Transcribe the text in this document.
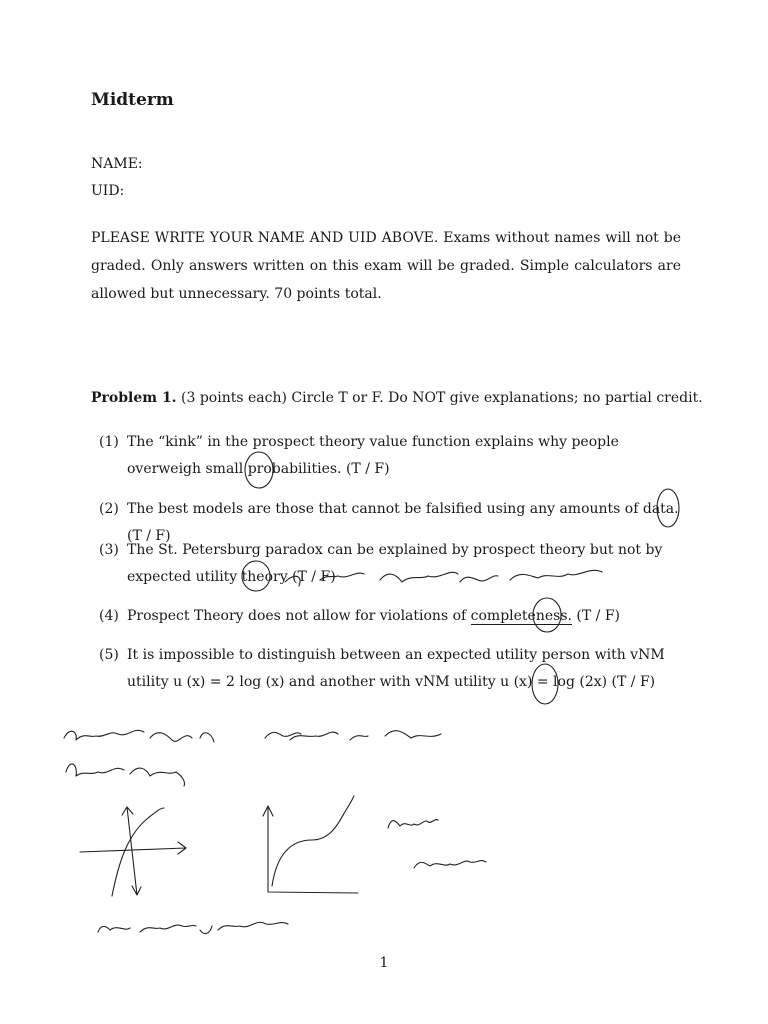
Midterm
NAME:
UID:
PLEASE WRITE YOUR NAME AND UID ABOVE. Exams without names will not be graded. Only answers written on this exam will be graded. Simple calculators are allowed but unnecessary. 70 points total.
Problem 1. (3 points each) Circle T or F. Do NOT give explanations; no partial credit.
(1) The “kink” in the prospect theory value function explains why people overweigh small probabilities. (T / F)
(2) The best models are those that cannot be falsified using any amounts of data. (T / F)
(3) The St. Petersburg paradox can be explained by prospect theory but not by expected utility theory (T / F)
(4) Prospect Theory does not allow for violations of completeness. (T / F)
(5) It is impossible to distinguish between an expected utility person with vNM utility u (x) = 2 log (x) and another with vNM utility u (x) = log (2x) (T / F)
1
